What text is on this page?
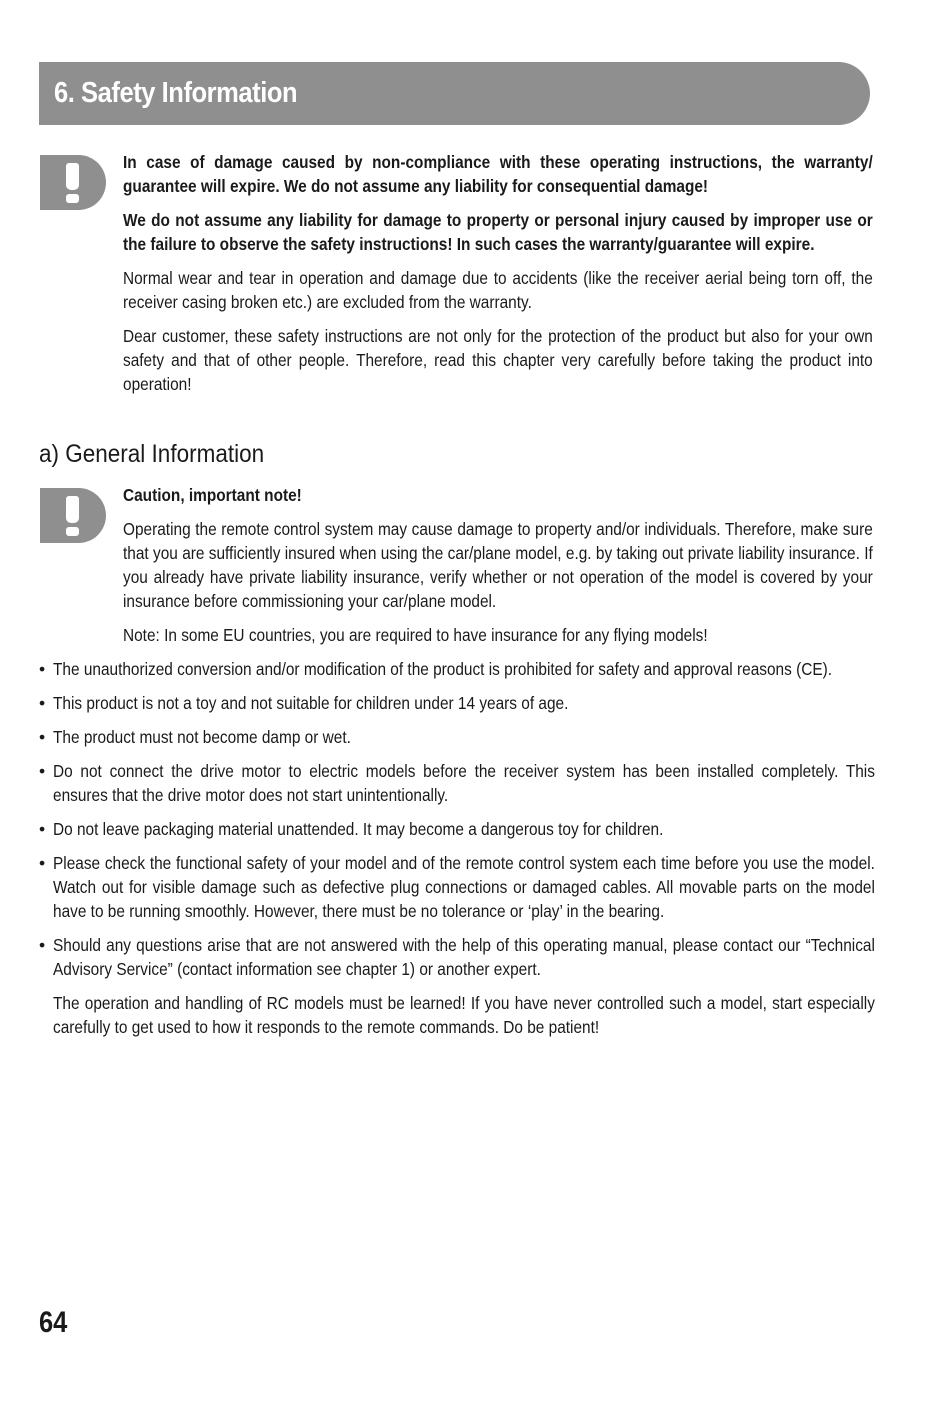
6. Safety Information
In case of damage caused by non-compliance with these operating instructions, the warranty/ guarantee will expire. We do not assume any liability for consequential damage!
We do not assume any liability for damage to property or personal injury caused by improper use or the failure to observe the safety instructions! In such cases the warranty/guarantee will expire.
Normal wear and tear in operation and damage due to accidents (like the receiver aerial being torn off, the receiver casing broken etc.) are excluded from the warranty.
Dear customer, these safety instructions are not only for the protection of the product but also for your own safety and that of other people. Therefore, read this chapter very carefully before taking the product into operation!
a) General Information
Caution, important note!
Operating the remote control system may cause damage to property and/or individuals. Therefore, make sure that you are sufficiently insured when using the car/plane model, e.g. by taking out private liability insurance. If you already have private liability insurance, verify whether or not operation of the model is covered by your insurance before commissioning your car/plane model.
Note: In some EU countries, you are required to have insurance for any flying models!
• The unauthorized conversion and/or modification of the product is prohibited for safety and approval reasons (CE).
• This product is not a toy and not suitable for children under 14 years of age.
• The product must not become damp or wet.
• Do not connect the drive motor to electric models before the receiver system has been installed completely. This ensures that the drive motor does not start unintentionally.
• Do not leave packaging material unattended. It may become a dangerous toy for children.
• Please check the functional safety of your model and of the remote control system each time before you use the model. Watch out for visible damage such as defective plug connections or damaged cables. All movable parts on the model have to be running smoothly. However, there must be no tolerance or ‘play’ in the bearing.
• Should any questions arise that are not answered with the help of this operating manual, please contact our “Technical Advisory Service” (contact information see chapter 1) or another expert.
The operation and handling of RC models must be learned! If you have never controlled such a model, start especially carefully to get used to how it responds to the remote commands. Do be patient!
64
